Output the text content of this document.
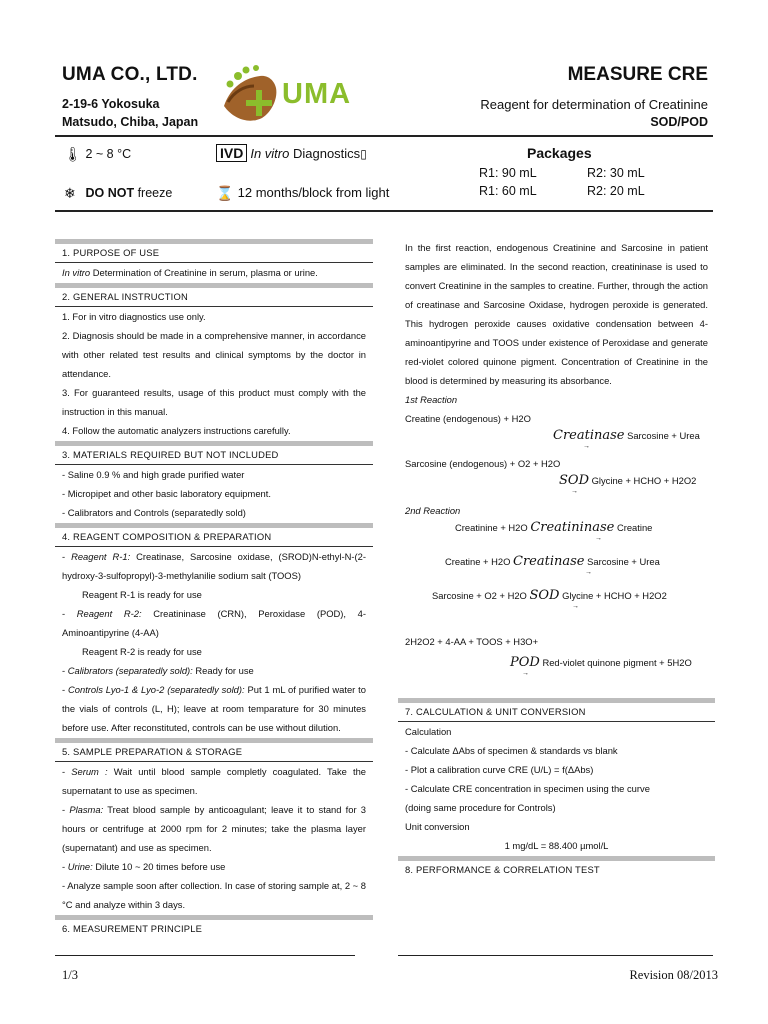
UMA CO., LTD.
2-19-6 Yokosuka
Matsudo, Chiba, Japan
UMA
MEASURE CRE
Reagent for determination of Creatinine
SOD/POD
🌡 2 ~ 8 °C	IVD In vitro Diagnostics▯
❄ DO NOT freeze	⌛ 12 months/block from light
Packages
R1: 90 mL	R2: 30 mL
R1: 60 mL	R2: 20 mL
1. PURPOSE OF USE
In vitro Determination of Creatinine in serum, plasma or urine.
2. GENERAL INSTRUCTION
1. For in vitro diagnostics use only.
2. Diagnosis should be made in a comprehensive manner, in accordance with other related test results and clinical symptoms by the doctor in attendance.
3. For guaranteed results, usage of this product must comply with the instruction in this manual.
4. Follow the automatic analyzers instructions carefully.
3. MATERIALS REQUIRED BUT NOT INCLUDED
- Saline 0.9 % and high grade purified water
- Micropipet and other basic laboratory equipment.
- Calibrators and Controls (separatedly sold)
4. REAGENT COMPOSITION & PREPARATION
- Reagent R-1: Creatinase, Sarcosine oxidase, (SROD)N-ethyl-N-(2-hydroxy-3-sulfopropyl)-3-methylanilie sodium salt (TOOS)
Reagent R-1 is ready for use
- Reagent R-2: Creatininase (CRN), Peroxidase (POD), 4-Aminoantipyrine (4-AA)
Reagent R-2 is ready for use
- Calibrators (separatedly sold): Ready for use
- Controls Lyo-1 & Lyo-2 (separatedly sold): Put 1 mL of purified water to the vials of controls (L, H); leave at room temparature for 30 minutes before use. After reconstituted, controls can be use without dilution.
5. SAMPLE PREPARATION & STORAGE
- Serum : Wait until blood sample completly coagulated. Take the supernatant to use as specimen.
- Plasma: Treat blood sample by anticoagulant; leave it to stand for 3 hours or centrifuge at 2000 rpm for 2 minutes; take the plasma layer (supernatant) and use as specimen.
- Urine: Dilute 10 ~ 20 times before use
- Analyze sample soon after collection. In case of storing sample at, 2 ~ 8 °C and analyze within 3 days.
6. MEASUREMENT PRINCIPLE
In the first reaction, endogenous Creatinine and Sarcosine in patient samples are eliminated. In the second reaction, creatininase is used to convert Creatinine in the samples to creatine. Further, through the action of creatinase and Sarcosine Oxidase, hydrogen peroxide is generated. This hydrogen peroxide causes oxidative condensation between 4-aminoantipyrine and TOOS under existence of Peroxidase and generate red-violet colored quinone pigment. Concentration of Creatinine in the blood is determined by measuring its absorbance.
1st Reaction
Creatine (endogenous) + H2O
Creatinase Sarcosine + Urea
→
Sarcosine (endogenous) + O2 + H2O
SOD Glycine + HCHO + H2O2
→
2nd Reaction
Creatinine + H2O Creatininase Creatine
→
Creatine + H2O Creatinase Sarcosine + Urea
→
Sarcosine + O2 + H2O SOD Glycine + HCHO + H2O2
→
2H2O2 + 4-AA + TOOS + H3O+
POD Red-violet quinone pigment + 5H2O
→
7. CALCULATION & UNIT CONVERSION
Calculation
- Calculate ΔAbs of specimen & standards vs blank
- Plot a calibration curve CRE (U/L) = f(ΔAbs)
- Calculate CRE concentration in specimen using the curve
(doing same procedure for Controls)
Unit conversion
1 mg/dL = 88.400 µmol/L
8. PERFORMANCE & CORRELATION TEST
1/3	Revision 08/2013
